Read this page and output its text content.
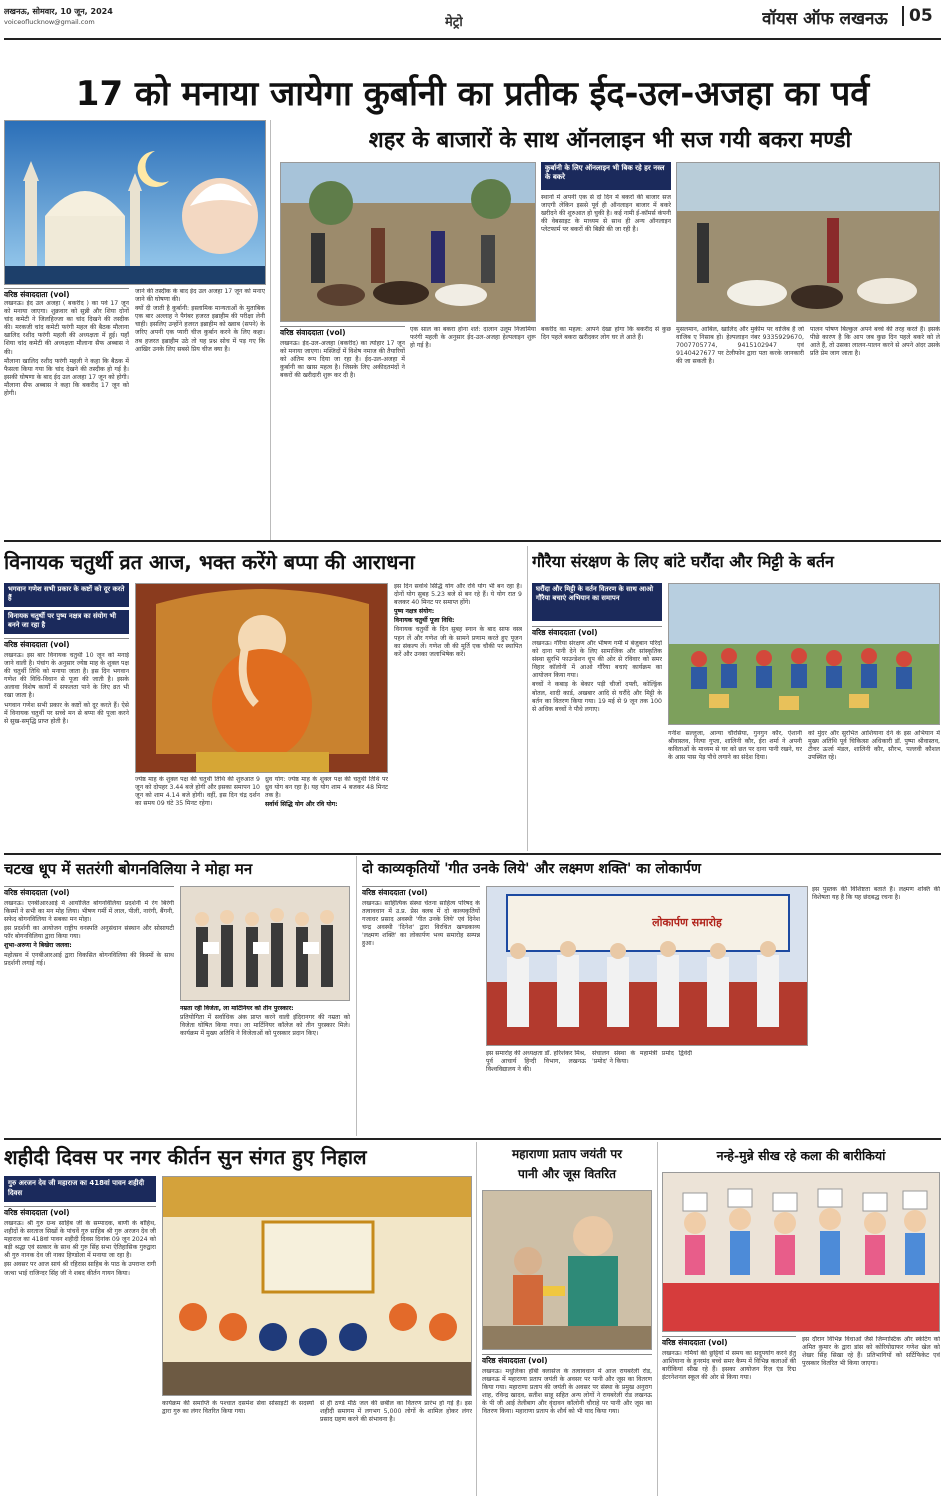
लखनऊ, सोमवार, 10 जून, 2024
voiceoflucknow@gmail.com	मेट्रो	वॉयस ऑफ लखनऊ	05
17 को मनाया जायेगा कुर्बानी का प्रतीक ईद-उल-अजहा का पर्व
वरिष्ठ संवाददाता (vol)

लखनऊ। ईद उल अजहा ( बकरीद ) का पर्व 17 जून को मनाया जाएगा। शुक्रवार को सुन्नी और शिया दोनों चांद कमेटी ने जिलहिज्जा का चांद दिखने की तस्दीक की। मरकजी चांद कमेटी फरंगी महल की बैठक मौलाना खालिद रशीद फरंगी महली की अध्यक्षता में हुई। यहाँ शिया चांद कमेटी की अध्यक्षता मौलाना सैफ अब्बास ने की।

मौलाना खालिद रशीद फरंगी महली ने कहा कि बैठक में फैसला किया गया कि चांद देखने की तस्दीक हो गई है। इसकी घोषणा के बाद ईद उल अजहा 17 जून को होगी। मौलाना सैफ अब्बास ने कहा कि बकरीद 17 जून को होगी।

जाने की तस्दीक के बाद ईद उल अजहा 17 जून को मनाए जाने की घोषणा की।

क्यों दी जाती है कुर्बानी: इस्लामिक मान्यताओं के मुताबिक एक बार अल्लाह ने पैगंबर हजरत इब्राहीम की परीक्षा लेनी चाही। इसलिए उन्होंने हजरत इब्राहीम को ख्वाब (सपने) के जरिए अपनी एक प्यारी चीज कुर्बान करने के लिए कहा। तब हजरत इब्राहीम उठे तो यह प्रश्न सोच में पड़ गए कि आखिर उनके लिए सबसे प्रिय चीज क्या है।

शहर के बाजारों के साथ ऑनलाइन भी सज गयी बकरा मण्डी
कुर्बानी के लिए ऑनलाइन भी बिक रहे हर नस्ल के बकरे
स्थानों में अपनी एक से दो दिन में बकरों की बाजार सज जाएगी लेकिन इससे पूर्व ही ऑनलाइन बाजार में बकरे खरीदने की शुरुआत हो चुकी है। कई नामी ई-कॉमर्स कंपनी की वेबसाइट के माध्यम से साथ ही अन्य ऑनलाइन प्लेटफार्म पर बकरों की बिक्री की जा रही है।
वरिष्ठ संवाददाता (vol)
लखनऊ। ईद-उल-अजहा (बकरीद) का त्योहार 17 जून को मनाया जाएगा। मस्जिदों में विशेष नमाज की तैयारियों को अंतिम रूप दिया जा रहा है। ईद-उल-अजहा में कुर्बानी का खास महत्व है। जिसके लिए अकीदतमंदों ने बकरों की खरीदारी शुरू कर दी है।
एक साल का बकरा होना शर्त: दालान उलूम निजामिया फरंगी महली के अनुसार ईद-उल-अजहा हेल्पलाइन शुरू हो गई है।
बकरीद का महत्व: आपने देखा होगा कि बकरीद से कुछ दिन पहले बकरा खरीदकर लोग घर ले आते हैं।
मुसलमान, आबिल, खालिद और मुकीम पर वाजिब है जो वाजिब ए निसाब हो। हेल्पलाइन नंबर 9335929670, 7007705774, 9415102947 एवं 9140427677 पर टेलीफोन द्वारा पता करके जानकारी की जा सकती है।
पालन पोषण बिल्कुल अपने बच्चे की तरह करते हैं। इसके पीछे कारण है कि आप जब कुछ दिन पहले बकरे को ले आते हैं, तो उसका लालन-पालन करने से अपने अंदर उसके प्रति प्रेम जाग जाता है।
विनायक चतुर्थी व्रत आज, भक्त करेंगे बप्पा की आराधना
भगवान गणेश सभी प्रकार के कष्टों को दूर करते हैं
विनायक चतुर्थी पर पुष्य नक्षत्र का संयोग भी बनने जा रहा है
वरिष्ठ संवाददाता (vol)

लखनऊ। इस बार विनायक चतुर्थी 10 जून को मनाई जाने वाली है। पंचांग के अनुसार ज्येष्ठ माह के शुक्ल पक्ष की चतुर्थी तिथि को मनाया जाता है। इस दिन भगवान गणेश की विधि-विधान से पूजा की जाती है। इसके अलावा विशेष कार्यों में सफलता पाने के लिए व्रत भी रखा जाता है।

भगवान गणेश सभी प्रकार के कष्टों को दूर करते हैं। ऐसे में विनायक चतुर्थी पर सच्चे मन से बप्पा की पूजा करने से सुख-समृद्धि प्राप्त होती है।

ज्येष्ठ माह के शुक्ल पक्ष की चतुर्थी तिथि की शुरुआत 9 जून को दोपहर 3.44 बजे होगी और इसका समापन 10 जून को शाम 4.14 बजे होगी। वहीं, इस दिन चंद्र दर्शन का समय 09 घंटे 35 मिनट रहेगा।

ध्रुव योग: ज्येष्ठ माह के शुक्ल पक्ष की चतुर्थी तिथि पर ध्रुव योग बन रहा है। यह योग शाम 4 बजकर 48 मिनट तक है।

सर्वार्थ सिद्धि योग और रवि योग:

इस दिन सर्वार्थ सिद्धि योग और रवि योग भी बन रहा है। दोनों योग सुबह 5.23 बजे से बन रहे हैं। ये योग रात 9 बजकर 40 मिनट पर समाप्त होंगे।

पुष्य नक्षत्र संयोग:

विनायक चतुर्थी पूजा विधि:

विनायक चतुर्थी के दिन सुबह स्नान के बाद साफ वस्त्र पहन लें और गणेश जी के सामने प्रणाम करते हुए पूजन का संकल्प लें। गणेश जी की मूर्ति एक चौकी पर स्थापित करें और उनका जलाभिषेक करें।

गौरैया संरक्षण के लिए बांटे घरौंदा और मिट्टी के बर्तन
घरौंदा और मिट्टी के वर्तन वितरण के साथ आओ गौरैया बचाएं अभियान का समापन
वरिष्ठ संवाददाता (vol)

लखनऊ। गौरैया संरक्षण और भीषण गर्मी में बेजुबान परिंदों को दाना पानी देने के लिए सामाजिक और सांस्कृतिक संस्था सुरभि फाउन्डेशन धूप की ओर से रविवार को समर विहार कॉलोनी में आओ गौरैया बचाएं कार्यक्रम का आयोजन किया गया।

बच्चों ने कबाड़ के बेकार पड़ी चीजों दफ्ती, कोल्ड्रिंक बोतल, शादी कार्ड, अखबार आदि से घरौंदे और मिट्टी के बर्तन का वितरण किया गया। 19 मई से 9 जून तक 100 से अधिक बच्चों ने पौधे लगाए।

गनीश सल्लुजा, आन्या चौरसिया, गुनगुन कौर, ऐशानी श्रीवास्तव, नित्या गुप्ता, शालिनी कौर, ईरा शर्मा ने अपनी कविताओं के माध्यम से घर को छत पर दाना पानी रखने, घर के आस पास पेड़ पौधे लगाने का संदेश दिया।
को मुंदर और सुरभित आशियाना देने के इस अभियान में मुख्य अतिथि पूर्व चिकित्सा अधिकारी डॉ. पुष्पा श्रीवास्तव, टीचर ऊर्जा मंडल, शालिनी कौर, सौरभ, पल्लवी कौशल उपस्थित रहे।
चटख धूप में सतरंगी बोगनविलिया ने मोहा मन
वरिष्ठ संवाददाता (vol)

लखनऊ। एनबीआरआई में आयोजित बोगनविलिया प्रदर्शनी में रंग बिरंगी किस्मों ने सभी का मन मोह लिया। भीषण गर्मी में लाल, पीली, नारंगी, बैंगनी, सफेद बोगनविलिया ने सबका मन मोहा।

इस प्रदर्शनी का आयोजन राष्ट्रीय वनस्पति अनुसंधान संस्थान और सोसायटी फॉर बोगनविलिया द्वारा किया गया।

शुभा-अरुणा ने बिखेरा जलवा:

महोत्सव में एनबीआरआई द्वारा विकसित बोगनविलिया की किस्मों के साथ प्रदर्शनी लगाई गई।

नम्रता रही विजेता, ला मार्टिनियर को तीन पुरस्कार:

प्रतियोगिता में सर्वाधिक अंक प्राप्त करने वाली इंदिरानगर की नम्रता को विजेता घोषित किया गया। ला मार्टिनियर कॉलेज को तीन पुरस्कार मिले। कार्यक्रम में मुख्य अतिथि ने विजेताओं को पुरस्कार प्रदान किए।

दो काव्यकृतियों 'गीत उनके लिये' और लक्ष्मण शक्ति' का लोकार्पण
वरिष्ठ संवाददाता (vol)
लखनऊ। साहित्यिक संस्था चेतना साहित्य परिषद के तत्वावधान में उ.प्र. प्रेस क्लब में दो काव्यकृतियों गजाधर प्रसाद अवस्थी 'गीत उनके लिये' एवं दिनेश चन्द्र अवस्थी 'दिनेश' द्वारा विरचित खण्डकाव्य 'लक्ष्मण शक्ति' का लोकार्पण भव्य समारोह सम्पन्न हुआ।
लोकार्पण समारोह
इस समारोह की अध्यक्षता डॉ. हरिशंकर मिश्र, पूर्व आचार्य हिन्दी विभाग, लखनऊ विश्वविद्यालय ने की।
संचालन संस्था के महामंत्री प्रमोद द्विवेदी 'प्रमोद' ने किया।
इस पुस्तक की विशिष्टता बताते हैं। लक्ष्मण शक्ति की विशेषता यह है कि यह छंदबद्ध रचना है।
शहीदी दिवस पर नगर कीर्तन सुन संगत हुए निहाल
गुरु अरजन देव जी महाराज का 418वां पावन शहीदी दिवस
वरिष्ठ संवाददाता (vol)

लखनऊ। श्री गुरु ग्रन्थ साहिब जी के सम्पादक, बाणी के बोहिथ, शहीदों के सरताज सिखों के पांचवें गुरु साहिब श्री गुरु अरजन देव जी महाराज का 418वां पावन शहीदी दिवस दिनांक 09 जून 2024 को बड़ी श्रद्धा एवं सत्कार के साथ श्री गुरु सिंह सभा ऐतिहासिक गुरुद्वारा श्री गुरु नानक देव जी नाका हिण्डोला में मनाया जा रहा है।

इस अवसर पर आज सायं श्री रहिरास साहिब के पाठ के उपरान्त रागी जत्था भाई राजिन्दर सिंह जी ने शबद कीर्तन गायन किया।

कार्यक्रम की समाप्ति के पश्चात दसमेश सेवा सोसाइटी के सदस्यों द्वारा गुरु का लंगर वितरित किया गया।
से ही ठण्डे मीठे जल की छबील का वितरण प्रारंभ हो गई है। इस शहीदी समागम में लगभग 5,000 लोगों के शामिल होकर लंगर प्रसाद ग्रहण करने की संभावना है।
महाराणा प्रताप जयंती पर
पानी और जूस वितरित
वरिष्ठ संवाददाता (vol)
लखनऊ। मधुलिका हॉबी क्लासेज के तत्वावधान में आज रायबरेली रोड, लखनऊ में महाराणा प्रताप जयंती के अवसर पर पानी और जूस का वितरण किया गया। महाराणा प्रताप की जयंती के अवसर पर संस्था के प्रमुख अनुराग शाह, रविन्द्र खादव, सतीश साहू सहित अन्य लोगों ने रायबरेली रोड लखनऊ के पी जी आई तेलीबाग और वृंदावन कॉलोनी चौराहे पर पानी और जूस का वितरण किया। महाराणा प्रताप के शौर्य को भी याद किया गया।
नन्हे-मुन्ने सीख रहे कला की बारीकियां
वरिष्ठ संवाददाता (vol)
लखनऊ। गर्मियों की छुट्टियों में समय का सदुपयोग करने हेतु आशियाना के हुनरमंद बच्चे समर कैम्प में विभिन्न कलाओं की बारीकियां सीख रहे हैं। इसका आयोजन रिज़ एंड रिद्म इंटरनेशनल स्कूल की ओर से किया गया।
इस दौरान विभिन्न विधाओं जैसे जिम्नास्टिक और स्केटिंग को अमित कुमार के द्वारा डांस को कोरियोग्राफर गणेश खेल को शेखर सिंह सिखा रहे हैं। प्रतिभागियों को सर्टिफिकेट एवं पुरस्कार वितरित भी किया जाएगा।
